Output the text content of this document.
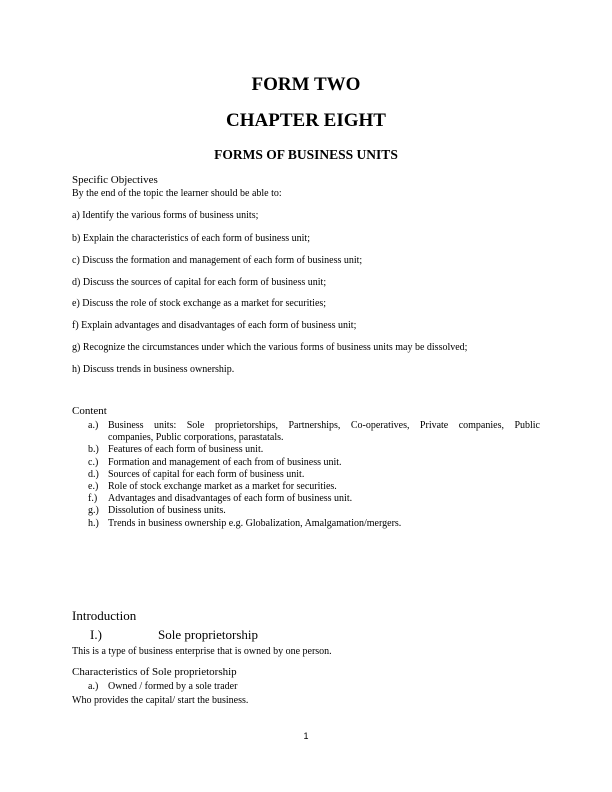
FORM TWO
CHAPTER EIGHT
FORMS OF BUSINESS UNITS
Specific Objectives
By the end of the topic the learner should be able to:
a) Identify the various forms of business units;
b) Explain the characteristics of each form of business unit;
c) Discuss the formation and management of each form of business unit;
d) Discuss the sources of capital for each form of business unit;
e) Discuss the role of stock exchange as a market for securities;
f) Explain advantages and disadvantages of each form of business unit;
g) Recognize the circumstances under which the various forms of business units may be dissolved;
h) Discuss trends in business ownership.
Content
a.) Business units: Sole proprietorships, Partnerships, Co-operatives, Private companies, Public
companies, Public corporations, parastatals.
b.) Features of each form of business unit.
c.) Formation and management of each from of business unit.
d.) Sources of capital for each form of business unit.
e.) Role of stock exchange market as a market for securities.
f.)	Advantages and disadvantages of each form of business unit.
g.) Dissolution of business units.
h.) Trends in business ownership e.g. Globalization, Amalgamation/mergers.
Introduction
I.)	Sole proprietorship
This is a type of business enterprise that is owned by one person.
Characteristics of Sole proprietorship
a.) Owned / formed by a sole trader
Who provides the capital/ start the business.
1
